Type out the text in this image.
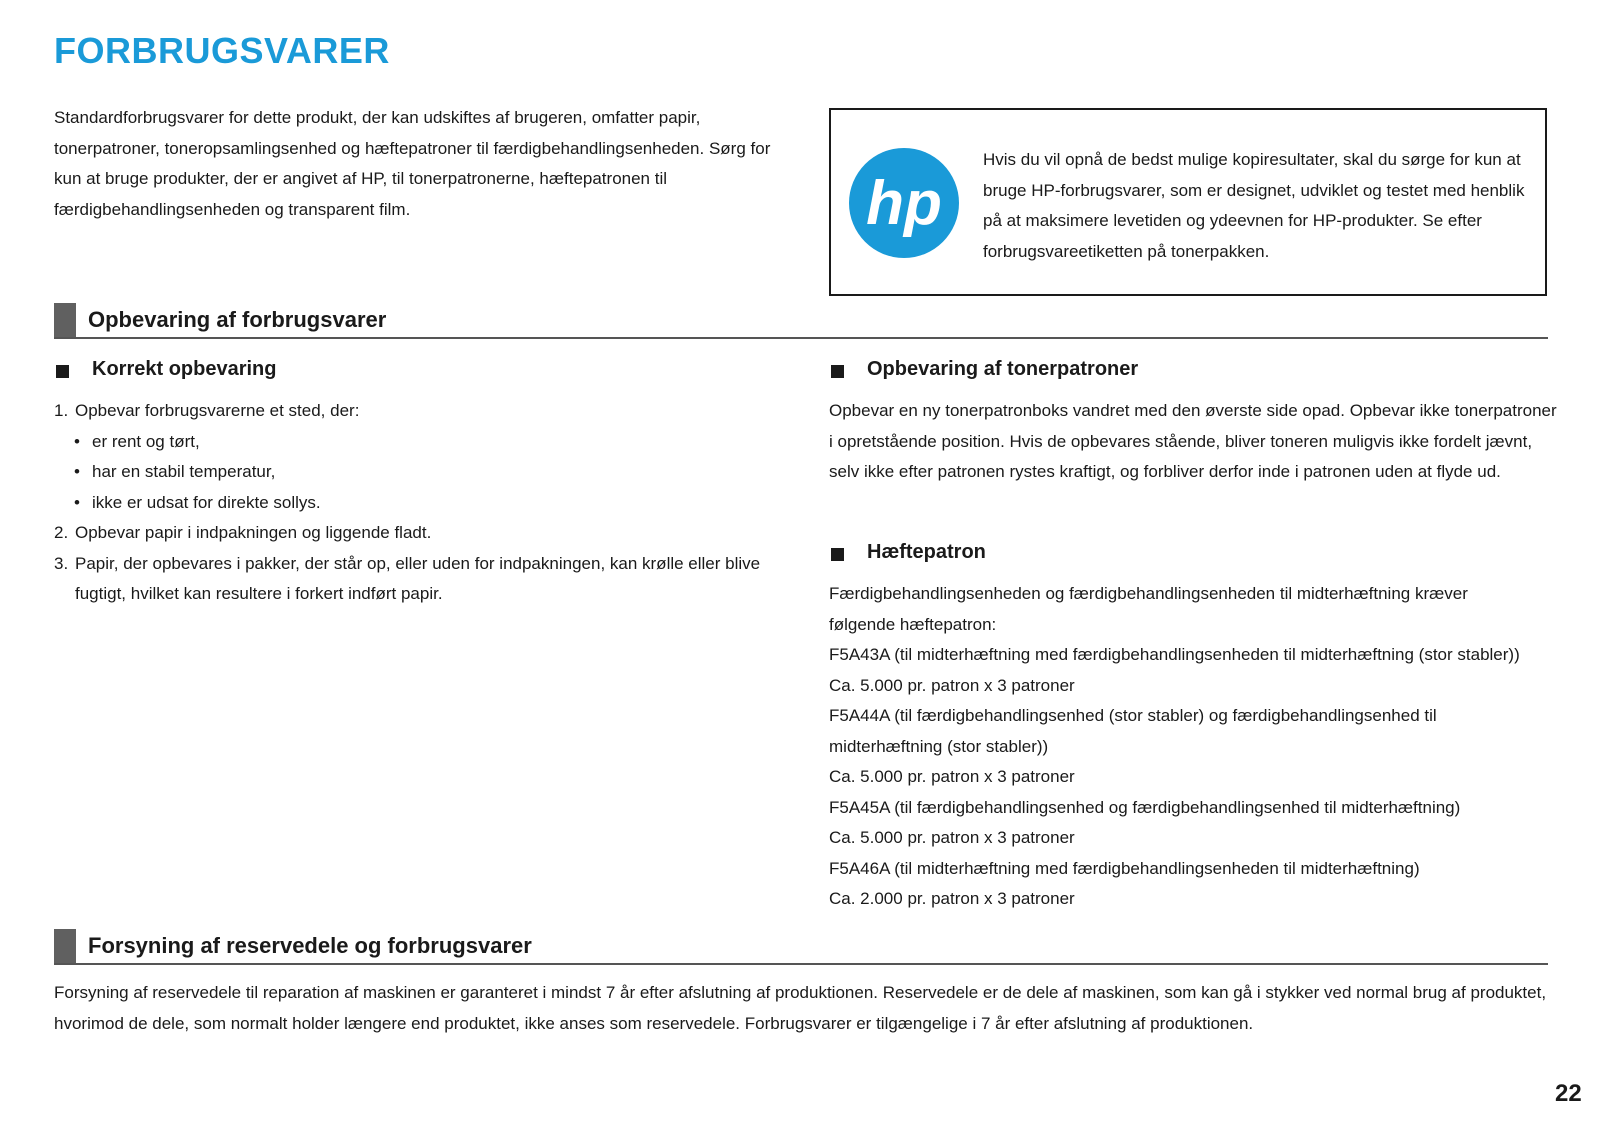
FORBRUGSVARER

Standardforbrugsvarer for dette produkt, der kan udskiftes af brugeren, omfatter papir, tonerpatroner, toneropsamlingsenhed og hæftepatroner til færdigbehandlingsenheden. Sørg for kun at bruge produkter, der er angivet af HP, til tonerpatronerne, hæftepatronen til færdigbehandlingsenheden og transparent film.	hp

Hvis du vil opnå de bedst mulige kopiresultater, skal du sørge for kun at bruge HP-forbrugsvarer, som er designet, udviklet og testet med henblik på at maksimere levetiden og ydeevnen for HP-produkter. Se efter forbrugsvareetiketten på tonerpakken.

Opbevaring af forbrugsvarer
Korrekt opbevaring
1. Opbevar forbrugsvarerne et sted, der:
• er rent og tørt,
• har en stabil temperatur,
• ikke er udsat for direkte sollys.
2. Opbevar papir i indpakningen og liggende fladt.
3. Papir, der opbevares i pakker, der står op, eller uden for indpakningen, kan krølle eller blive fugtigt, hvilket kan resultere i forkert indført papir.
Opbevaring af tonerpatroner

Opbevar en ny tonerpatronboks vandret med den øverste side opad. Opbevar ikke tonerpatroner i opretstående position. Hvis de opbevares stående, bliver toneren muligvis ikke fordelt jævnt, selv ikke efter patronen rystes kraftigt, og forbliver derfor inde i patronen uden at flyde ud.

Hæftepatron
Færdigbehandlingsenheden og færdigbehandlingsenheden til midterhæftning kræver
følgende hæftepatron:
F5A43A (til midterhæftning med færdigbehandlingsenheden til midterhæftning (stor stabler))
Ca. 5.000 pr. patron x 3 patroner
F5A44A (til færdigbehandlingsenhed (stor stabler) og færdigbehandlingsenhed til
midterhæftning (stor stabler))
Ca. 5.000 pr. patron x 3 patroner
F5A45A (til færdigbehandlingsenhed og færdigbehandlingsenhed til midterhæftning)
Ca. 5.000 pr. patron x 3 patroner
F5A46A (til midterhæftning med færdigbehandlingsenheden til midterhæftning)
Ca. 2.000 pr. patron x 3 patroner
Forsyning af reservedele og forbrugsvarer

Forsyning af reservedele til reparation af maskinen er garanteret i mindst 7 år efter afslutning af produktionen. Reservedele er de dele af maskinen, som kan gå i stykker ved normal brug af produktet, hvorimod de dele, som normalt holder længere end produktet, ikke anses som reservedele. Forbrugsvarer er tilgængelige i 7 år efter afslutning af produktionen.

22
